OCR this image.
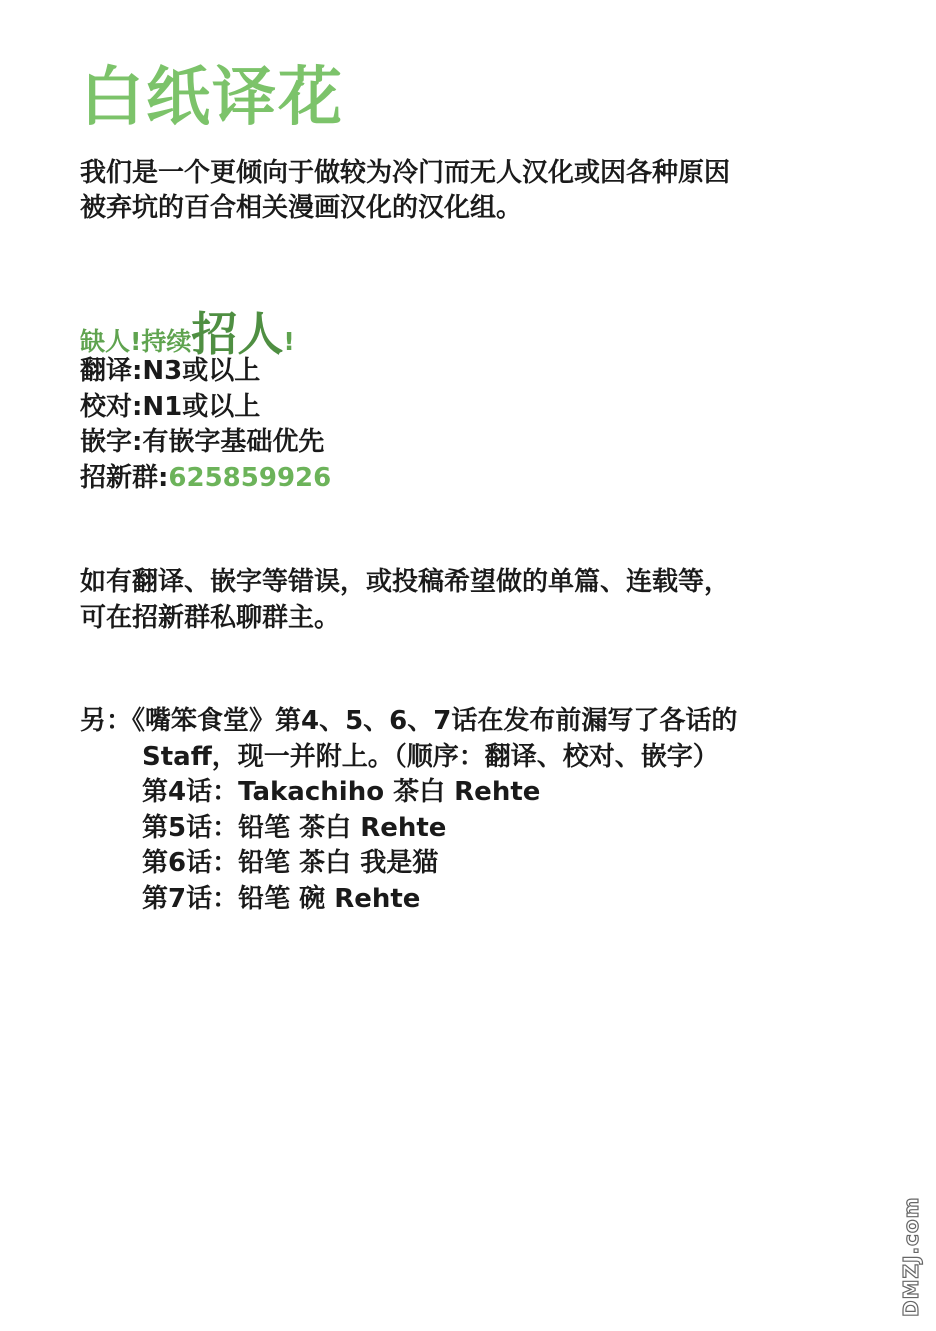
白纸译花
我们是一个更倾向于做较为冷门而无人汉化或因各种原因
被弃坑的百合相关漫画汉化的汉化组。
缺人!持续招人!
翻译:N3或以上
校对:N1或以上
嵌字:有嵌字基础优先
招新群:625859926
如有翻译、嵌字等错误，或投稿希望做的单篇、连载等，
可在招新群私聊群主。
另：《嘴笨食堂》第4、5、6、7话在发布前漏写了各话的
Staff，现一并附上。（顺序：翻译、校对、嵌字）
第4话：Takachiho 茶白 Rehte
第5话：铅笔 茶白 Rehte
第6话：铅笔 茶白 我是猫
第7话：铅笔 碗 Rehte
DMZJ.com
